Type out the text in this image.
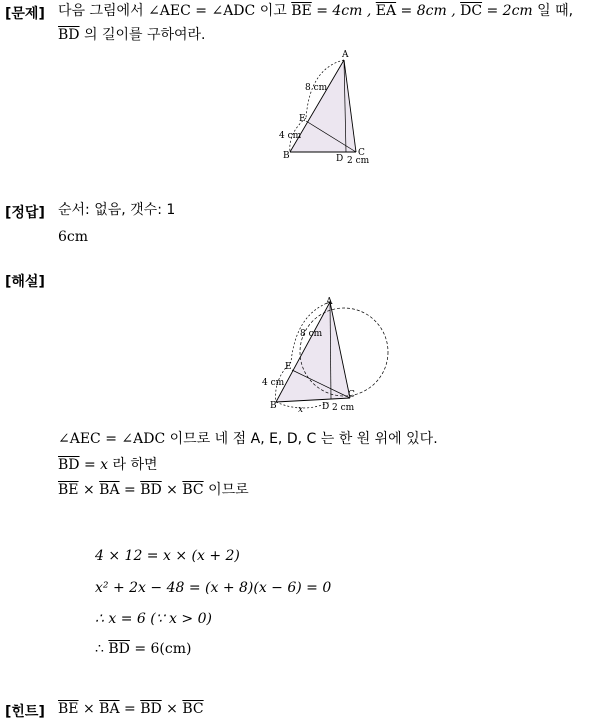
[문제] 다음 그림에서 ∠AEC = ∠ADC 이고 $\overline{BE} = 4cm$ , $\overline{EA} = 8cm$ , $\overline{DC} = 2cm$ 일 때,
$\overline{BD}$ 의 길이를 구하여라.
A
E
B	D
C
8 cm
4 cm
2 cm
[정답] 순서: 없음, 갯수: 1
6cm
[해설]
A
E
B	D
C
8 cm
4 cm
2 cm
x
∠AEC = ∠ADC 이므로 네 점 A, E, D, C 는 한 원 위에 있다.
$\overline{BD} = x$ 라 하면
$\overline{BE} \times \overline{BA} = \overline{BD} \times \overline{BC}$ 이므로
4 × 12 = x × (x + 2)
x² + 2x − 48 = (x + 8)(x − 6) = 0
∴ x = 6 (∵ x > 0)
∴ $\overline{BD} = 6(cm)$
[힌트] $\overline{BE} \times \overline{BA} = \overline{BD} \times \overline{BC}$
